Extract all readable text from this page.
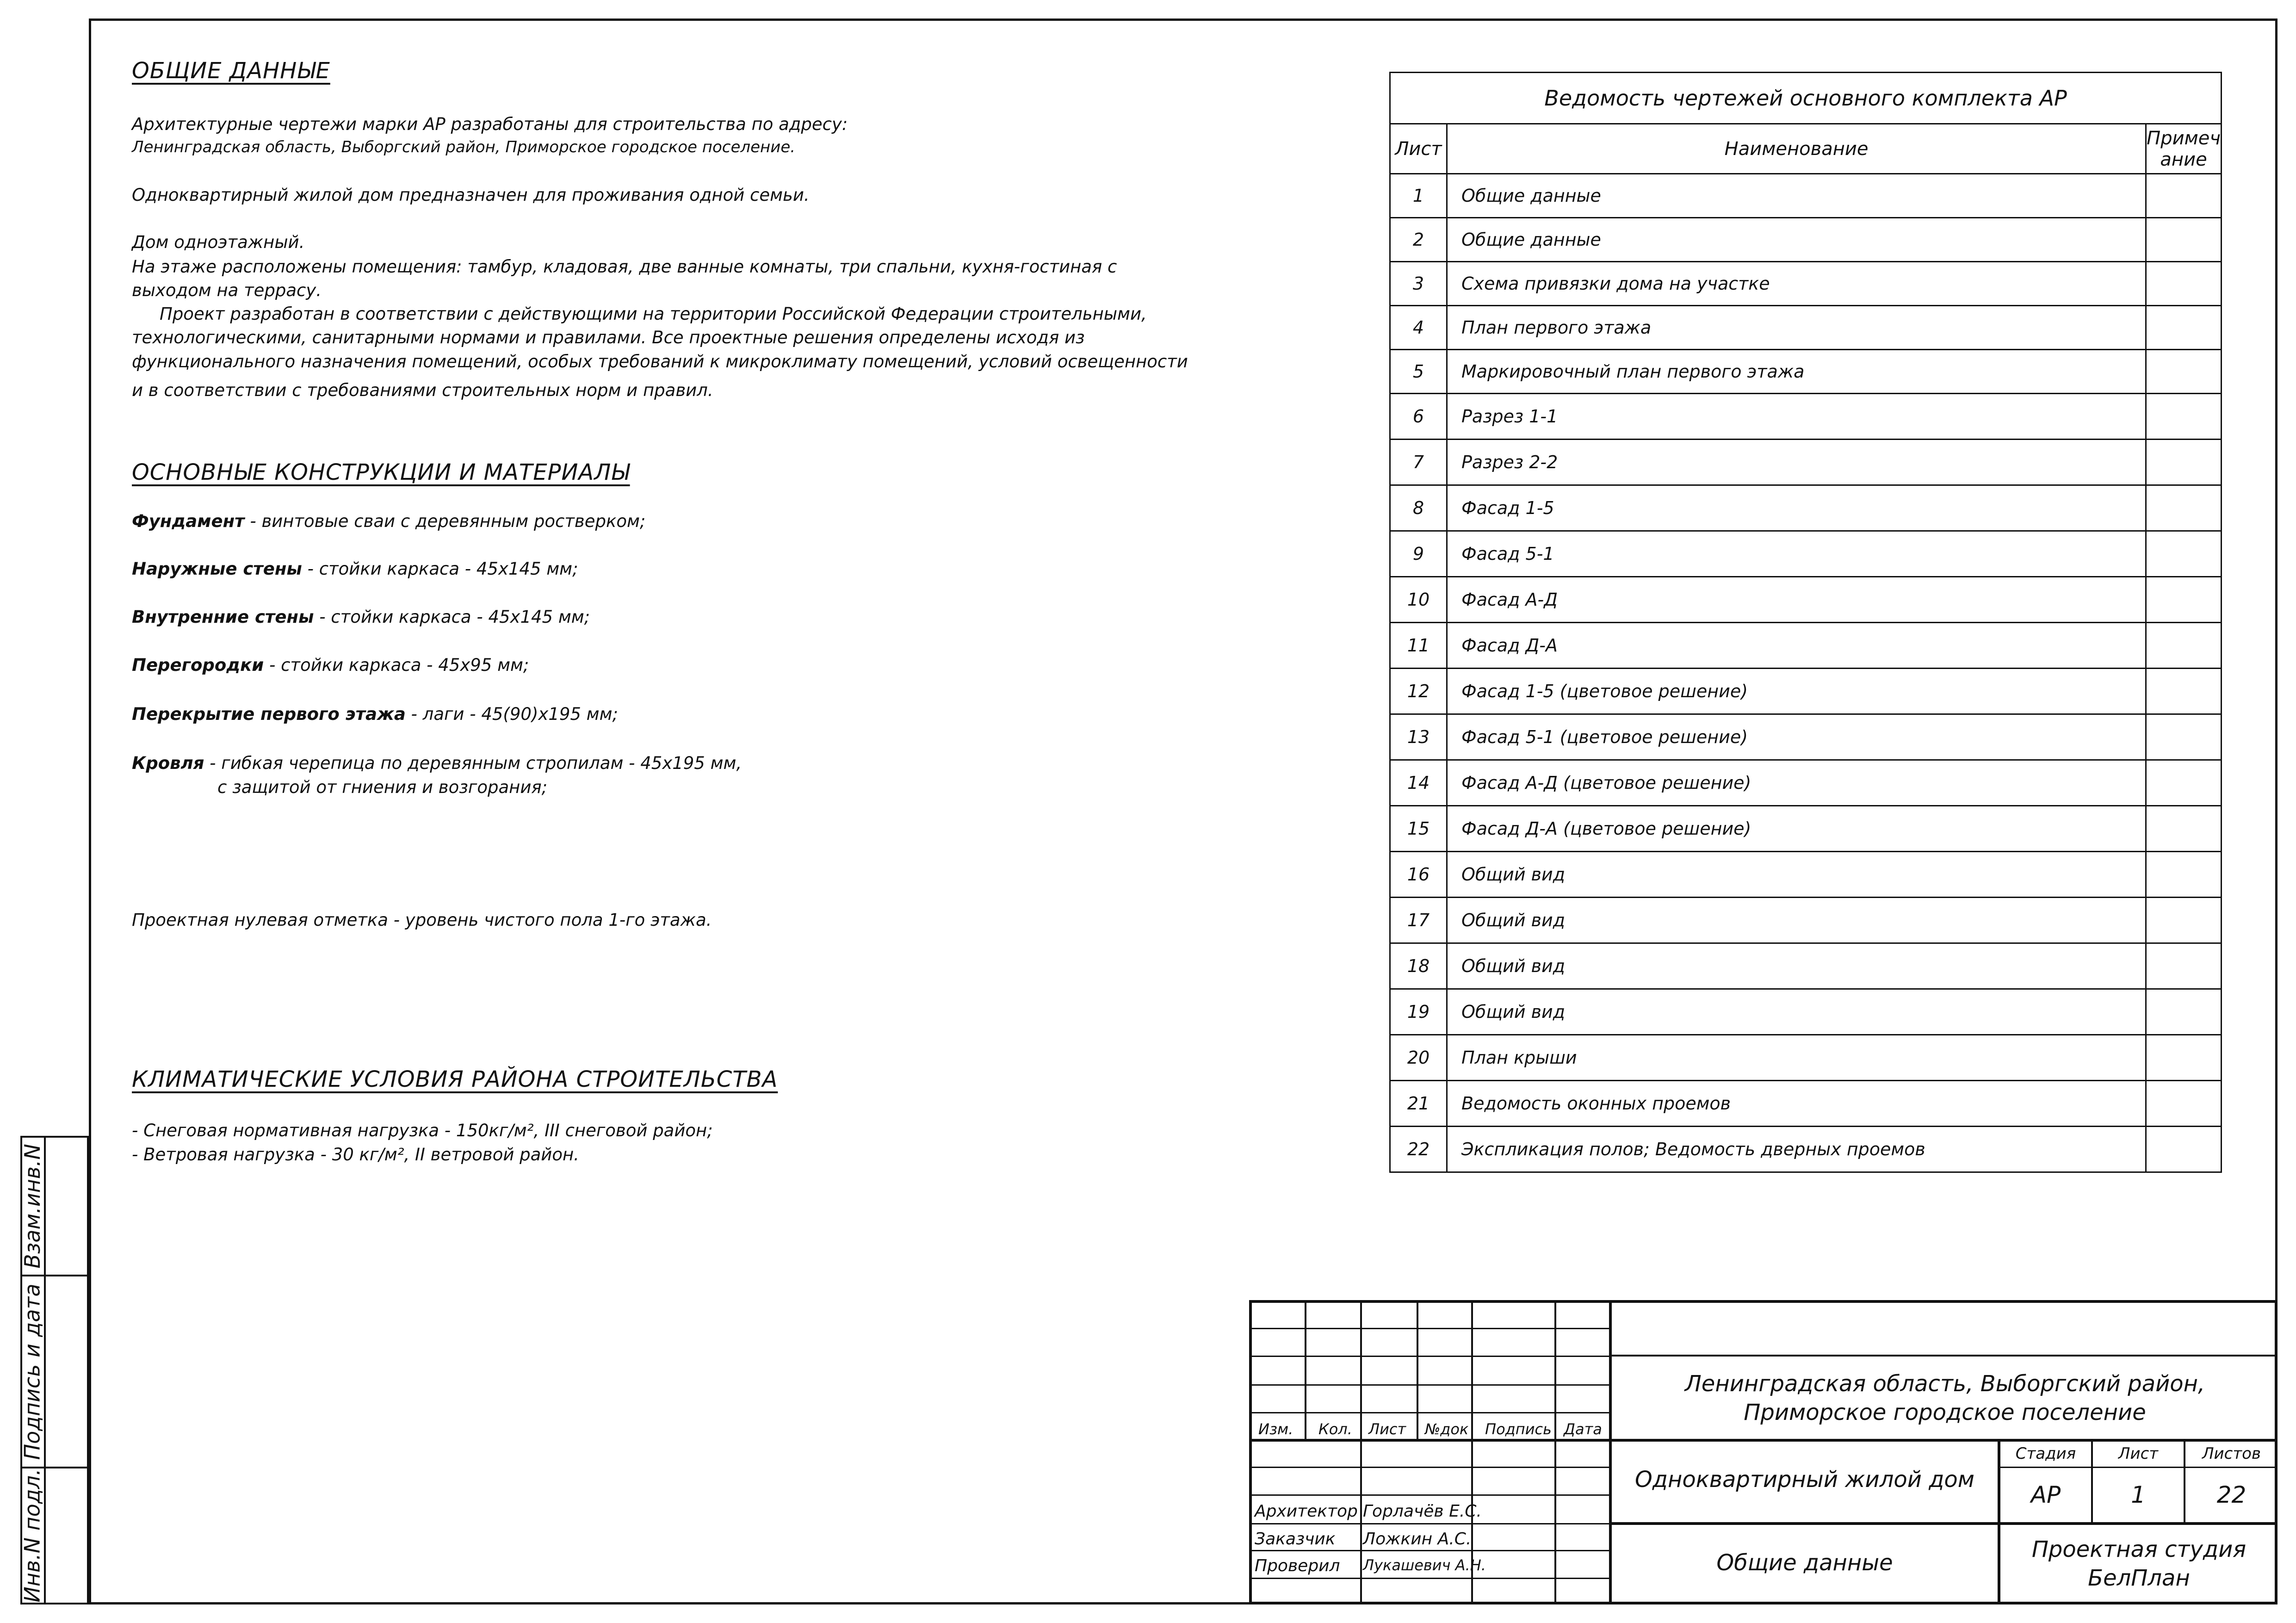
Взам.инв.N
Подпись и дата
Инв.N подл.
ОБЩИЕ ДАННЫЕ
Архитектурные чертежи марки АР разработаны для строительства по адресу:
Ленинградская область, Выборгский район, Приморское городское поселение.
Одноквартирный жилой дом предназначен для проживания одной семьи.
Дом одноэтажный.
На этаже расположены помещения: тамбур, кладовая, две ванные комнаты, три спальни, кухня-гостиная с
выходом на террасу.
Проект разработан в соответствии с действующими на территории Российской Федерации строительными,
технологическими, санитарными нормами и правилами. Все проектные решения определены исходя из
функционального назначения помещений, особых требований к микроклимату помещений, условий освещенности
и в соответствии с требованиями строительных норм и правил.
ОСНОВНЫЕ КОНСТРУКЦИИ И МАТЕРИАЛЫ
Фундамент - винтовые сваи с деревянным ростверком;
Наружные стены - стойки каркаса - 45х145 мм;
Внутренние стены - стойки каркаса - 45х145 мм;
Перегородки - стойки каркаса - 45х95 мм;
Перекрытие первого этажа - лаги - 45(90)х195 мм;
Кровля - гибкая черепица по деревянным стропилам - 45х195 мм,
с защитой от гниения и возгорания;
Проектная нулевая отметка - уровень чистого пола 1-го этажа.
КЛИМАТИЧЕСКИЕ УСЛОВИЯ РАЙОНА СТРОИТЕЛЬСТВА
- Снеговая нормативная нагрузка - 150кг/м², III снеговой район;
- Ветровая нагрузка - 30 кг/м², II ветровой район.
Ведомость чертежей основного комплекта АР		
Лист	Наименование	Примеч
ание
1	Общие данные	
2	Общие данные	
3	Схема привязки дома на участке	
4	План первого этажа	
5	Маркировочный план первого этажа	
6	Разрез 1-1	
7	Разрез 2-2	
8	Фасад 1-5	
9	Фасад 5-1	
10	Фасад А-Д	
11	Фасад Д-А	
12	Фасад 1-5 (цветовое решение)	
13	Фасад 5-1 (цветовое решение)	
14	Фасад А-Д (цветовое решение)	
15	Фасад Д-А (цветовое решение)	
16	Общий вид	
17	Общий вид	
18	Общий вид	
19	Общий вид	
20	План крыши	
21	Ведомость оконных проемов	
22	Экспликация полов; Ведомость дверных проемов	
Изм. Кол. Лист №док Подпись Дата
Архитектор Горлачёв Е.С.
Заказчик Ложкин А.С.
Проверил Лукашевич А.Н.
Ленинградская область, Выборгский район,
Приморское городское поселение
Одноквартирный жилой дом
Общие данные
Стадия	Лист	Листов
АР	1	22
Проектная студия
БелПлан
